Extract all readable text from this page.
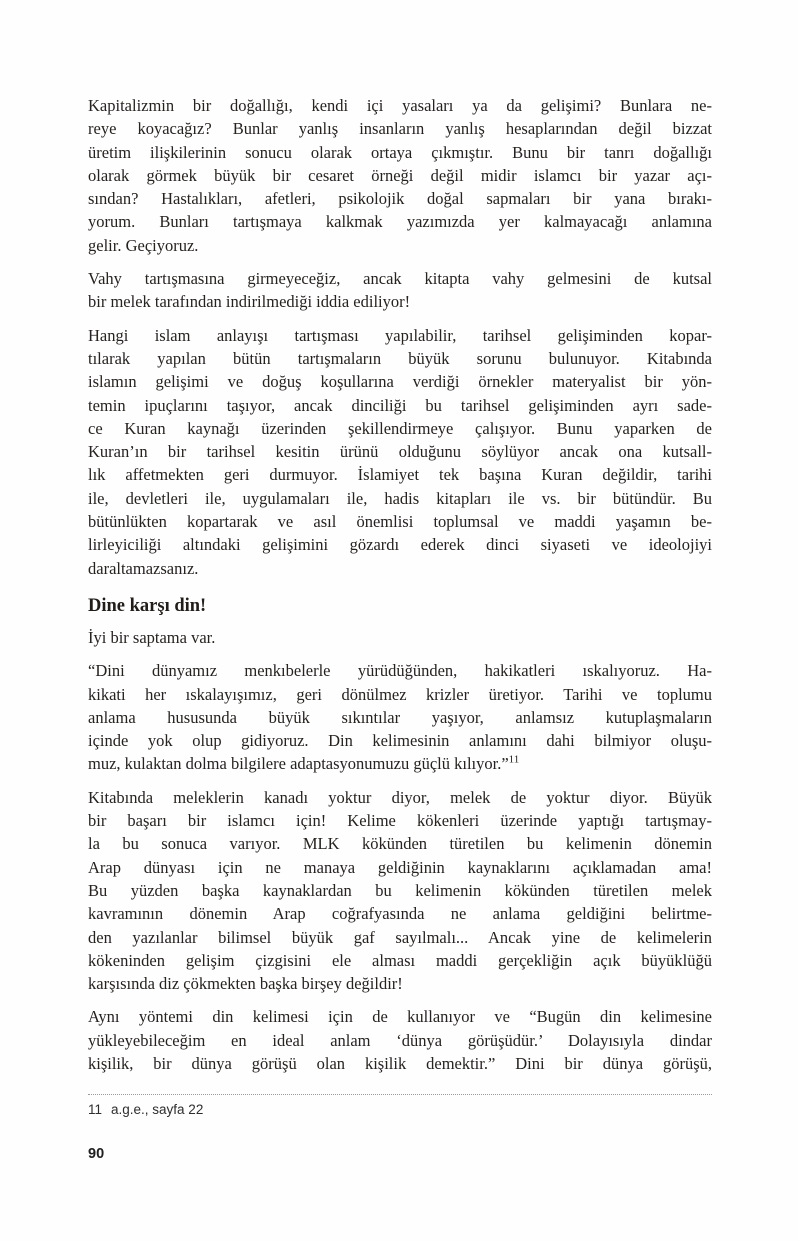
Kapitalizmin bir doğallığı, kendi içi yasaları ya da gelişimi? Bunlara ne-
reye koyacağız? Bunlar yanlış insanların yanlış hesaplarından değil bizzat
üretim ilişkilerinin sonucu olarak ortaya çıkmıştır. Bunu bir tanrı doğallığı
olarak görmek büyük bir cesaret örneği değil midir islamcı bir yazar açı-
sından? Hastalıkları, afetleri, psikolojik doğal sapmaları bir yana bırakı-
yorum. Bunları tartışmaya kalkmak yazımızda yer kalmayacağı anlamına
gelir. Geçiyoruz.
Vahy tartışmasına girmeyeceğiz, ancak kitapta vahy gelmesini de kutsal
bir melek tarafından indirilmediği iddia ediliyor!
Hangi islam anlayışı tartışması yapılabilir, tarihsel gelişiminden kopar-
tılarak yapılan bütün tartışmaların büyük sorunu bulunuyor. Kitabında
islamın gelişimi ve doğuş koşullarına verdiği örnekler materyalist bir yön-
temin ipuçlarını taşıyor, ancak dinciliği bu tarihsel gelişiminden ayrı sade-
ce Kuran kaynağı üzerinden şekillendirmeye çalışıyor. Bunu yaparken de
Kuran’ın bir tarihsel kesitin ürünü olduğunu söylüyor ancak ona kutsall-
lık affetmekten geri durmuyor. İslamiyet tek başına Kuran değildir, tarihi
ile, devletleri ile, uygulamaları ile, hadis kitapları ile vs. bir bütündür. Bu
bütünlükten kopartarak ve asıl önemlisi toplumsal ve maddi yaşamın be-
lirleyiciliği altındaki gelişimini gözardı ederek dinci siyaseti ve ideolojiyi
daraltamazsanız.
Dine karşı din!
İyi bir saptama var.
“Dini dünyamız menkıbelerle yürüdüğünden, hakikatleri ıskalıyoruz. Ha-
kikati her ıskalayışımız, geri dönülmez krizler üretiyor. Tarihi ve toplumu
anlama hususunda büyük sıkıntılar yaşıyor, anlamsız kutuplaşmaların
içinde yok olup gidiyoruz. Din kelimesinin anlamını dahi bilmiyor oluşu-
muz, kulaktan dolma bilgilere adaptasyonumuzu güçlü kılıyor.”$^{11}$
Kitabında meleklerin kanadı yoktur diyor, melek de yoktur diyor. Büyük
bir başarı bir islamcı için! Kelime kökenleri üzerinde yaptığı tartışmay-
la bu sonuca varıyor. MLK kökünden türetilen bu kelimenin dönemin
Arap dünyası için ne manaya geldiğinin kaynaklarını açıklamadan ama!
Bu yüzden başka kaynaklardan bu kelimenin kökünden türetilen melek
kavramının dönemin Arap coğrafyasında ne anlama geldiğini belirtme-
den yazılanlar bilimsel büyük gaf sayılmalı... Ancak yine de kelimelerin
kökeninden gelişim çizgisini ele alması maddi gerçekliğin açık büyüklüğü
karşısında diz çökmekten başka birşey değildir!
Aynı yöntemi din kelimesi için de kullanıyor ve “Bugün din kelimesine
yükleyebileceğim en ideal anlam ‘dünya görüşüdür.’ Dolayısıyla dindar
kişilik, bir dünya görüşü olan kişilik demektir.” Dini bir dünya görüşü,
11 a.g.e., sayfa 22
90
